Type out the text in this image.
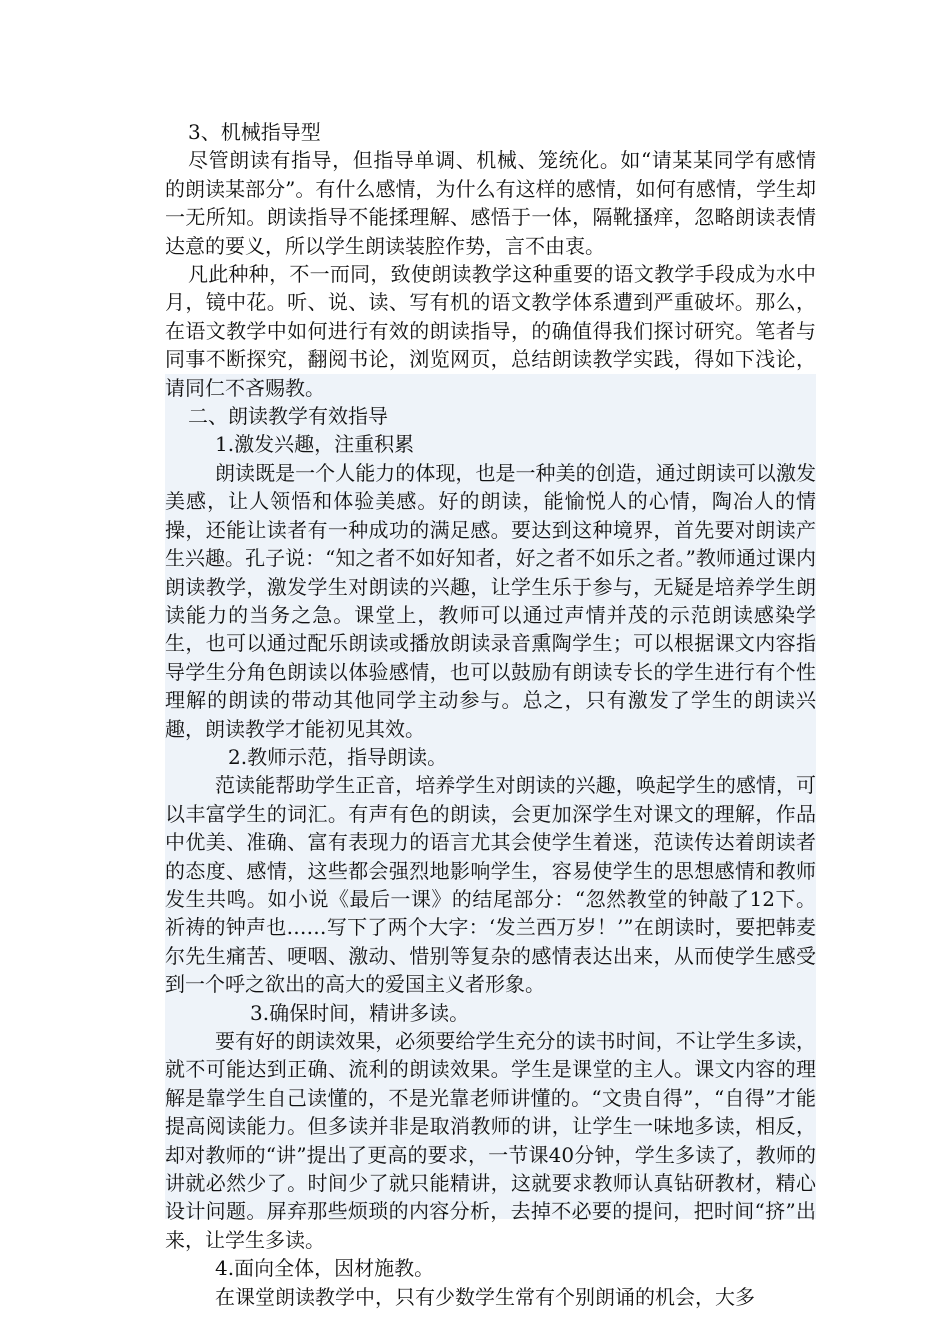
3、机械指导型

尽管朗读有指导，但指导单调、机械、笼统化。如“请某某同学有感情的朗读某部分”。有什么感情，为什么有这样的感情，如何有感情，学生却一无所知。朗读指导不能揉理解、感悟于一体，隔靴搔痒，忽略朗读表情达意的要义，所以学生朗读装腔作势，言不由衷。

凡此种种，不一而同，致使朗读教学这种重要的语文教学手段成为水中月，镜中花。听、说、读、写有机的语文教学体系遭到严重破坏。那么，在语文教学中如何进行有效的朗读指导，的确值得我们探讨研究。笔者与同事不断探究，翻阅书论，浏览网页，总结朗读教学实践，得如下浅论，请同仁不吝赐教。

二、朗读教学有效指导

1.激发兴趣，注重积累

朗读既是一个人能力的体现，也是一种美的创造，通过朗读可以激发美感，让人领悟和体验美感。好的朗读，能愉悦人的心情，陶冶人的情操，还能让读者有一种成功的满足感。要达到这种境界，首先要对朗读产生兴趣。孔子说：“知之者不如好知者，好之者不如乐之者。”教师通过课内朗读教学，激发学生对朗读的兴趣，让学生乐于参与，无疑是培养学生朗读能力的当务之急。课堂上，教师可以通过声情并茂的示范朗读感染学生，也可以通过配乐朗读或播放朗读录音熏陶学生；可以根据课文内容指导学生分角色朗读以体验感情，也可以鼓励有朗读专长的学生进行有个性理解的朗读的带动其他同学主动参与。总之，只有激发了学生的朗读兴趣，朗读教学才能初见其效。

2.教师示范，指导朗读。

范读能帮助学生正音，培养学生对朗读的兴趣，唤起学生的感情，可以丰富学生的词汇。有声有色的朗读，会更加深学生对课文的理解，作品中优美、准确、富有表现力的语言尤其会使学生着迷，范读传达着朗读者的态度、感情，这些都会强烈地影响学生，容易使学生的思想感情和教师发生共鸣。如小说《最后一课》的结尾部分：“忽然教堂的钟敲了12下。祈祷的钟声也……写下了两个大字：‘发兰西万岁！’”在朗读时，要把韩麦尔先生痛苦、哽咽、激动、惜别等复杂的感情表达出来，从而使学生感受到一个呼之欲出的高大的爱国主义者形象。

3.确保时间，精讲多读。

要有好的朗读效果，必须要给学生充分的读书时间，不让学生多读，就不可能达到正确、流利的朗读效果。学生是课堂的主人。课文内容的理解是靠学生自己读懂的，不是光靠老师讲懂的。“文贵自得”，“自得”才能提高阅读能力。但多读并非是取消教师的讲，让学生一味地多读，相反，却对教师的“讲”提出了更高的要求，一节课40分钟，学生多读了，教师的讲就必然少了。时间少了就只能精讲，这就要求教师认真钻研教材，精心设计问题。屏弃那些烦琐的内容分析，去掉不必要的提问，把时间“挤”出来，让学生多读。

4.面向全体，因材施教。

在课堂朗读教学中，只有少数学生常有个别朗诵的机会，大多
